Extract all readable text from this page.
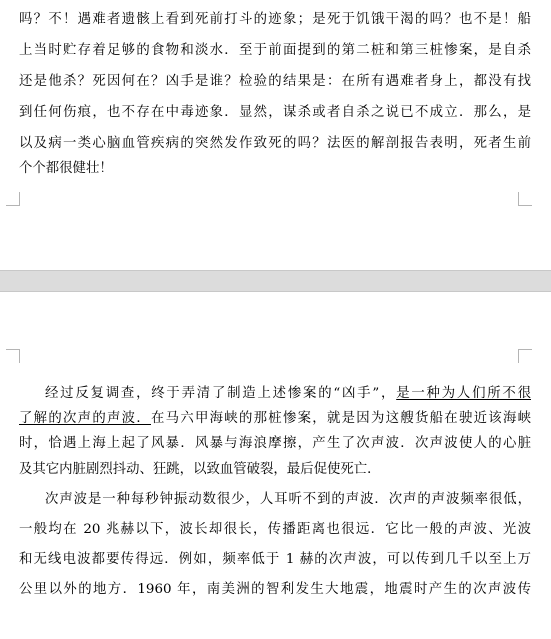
吗？不！遇难者遗骸上看到死前打斗的迹象；是死于饥饿干渴的吗？也不是！船
上当时贮存着足够的食物和淡水．至于前面提到的第二桩和第三桩惨案，是自杀
还是他杀？死因何在？凶手是谁？检验的结果是：在所有遇难者身上，都没有找
到任何伤痕，也不存在中毒迹象．显然，谋杀或者自杀之说已不成立．那么，是
以及病一类心脑血管疾病的突然发作致死的吗？法医的解剖报告表明，死者生前
个个都很健壮！
经过反复调查，终于弄清了制造上述惨案的“凶手”，是一种为人们所不很
了解的次声的声波．在马六甲海峡的那桩惨案，就是因为这艘货船在驶近该海峡
时，恰遇上海上起了风暴．风暴与海浪摩擦，产生了次声波．次声波使人的心脏
及其它内脏剧烈抖动、狂跳，以致血管破裂，最后促使死亡．
次声波是一种每秒钟振动数很少，人耳听不到的声波．次声的声波频率很低，
一般均在 20 兆赫以下，波长却很长，传播距离也很远．它比一般的声波、光波
和无线电波都要传得远．例如，频率低于 1 赫的次声波，可以传到几千以至上万
公里以外的地方．1960 年，南美洲的智利发生大地震，地震时产生的次声波传
